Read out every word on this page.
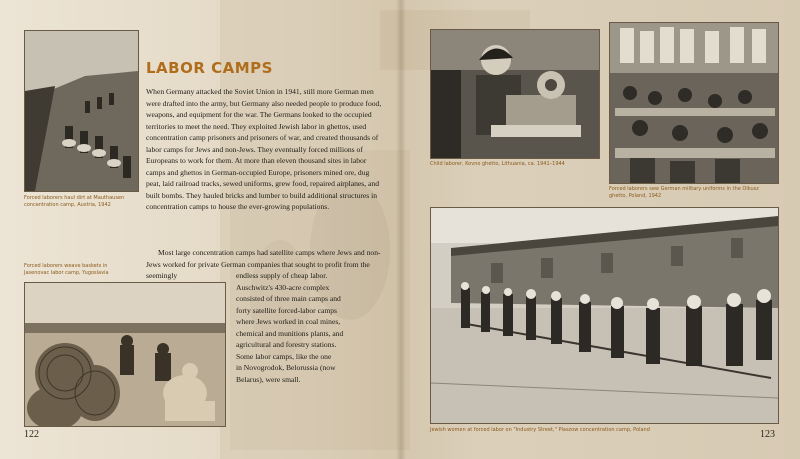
Forced laborers haul dirt at Mauthausen concentration camp, Austria, 1942
LABOR CAMPS

When Germany attacked the Soviet Union in 1941, still more German men were drafted into the army, but Germany also needed people to produce food, weapons, and equipment for the war. The Germans looked to the occupied territories to meet the need. They exploited Jewish labor in ghettos, used concentration camp prisoners and prisoners of war, and created thousands of labor camps for Jews and non-Jews. They eventually forced millions of Europeans to work for them. At more than eleven thousand sites in labor camps and ghettos in German-occupied Europe, prisoners mined ore, dug peat, laid railroad tracks, sewed uniforms, grew food, repaired airplanes, and built bombs. They hauled bricks and lumber to build additional structures in concentration camps to house the ever-growing populations.

Most large concentration camps had satellite camps where Jews and non-Jews worked for private German companies that sought to profit from the seemingly	endless supply of cheap labor.

Auschwitz's 430-acre complex

consisted of three main camps and

forty satellite forced-labor camps

where Jews worked in coal mines,

chemical and munitions plants, and

agricultural and forestry stations.

Some labor camps, like the one

in Novogrodok, Belorussia (now

Belarus), were small.

Forced laborers weave baskets in Jasenovac labor camp, Yugoslavia
122
Child laborer, Kovno ghetto, Lithuania, ca. 1941–1944
Forced laborers sew German military uniforms in the Olkusz ghetto, Poland, 1942
Jewish women at forced labor on "Industry Street," Plaszow concentration camp, Poland	123
